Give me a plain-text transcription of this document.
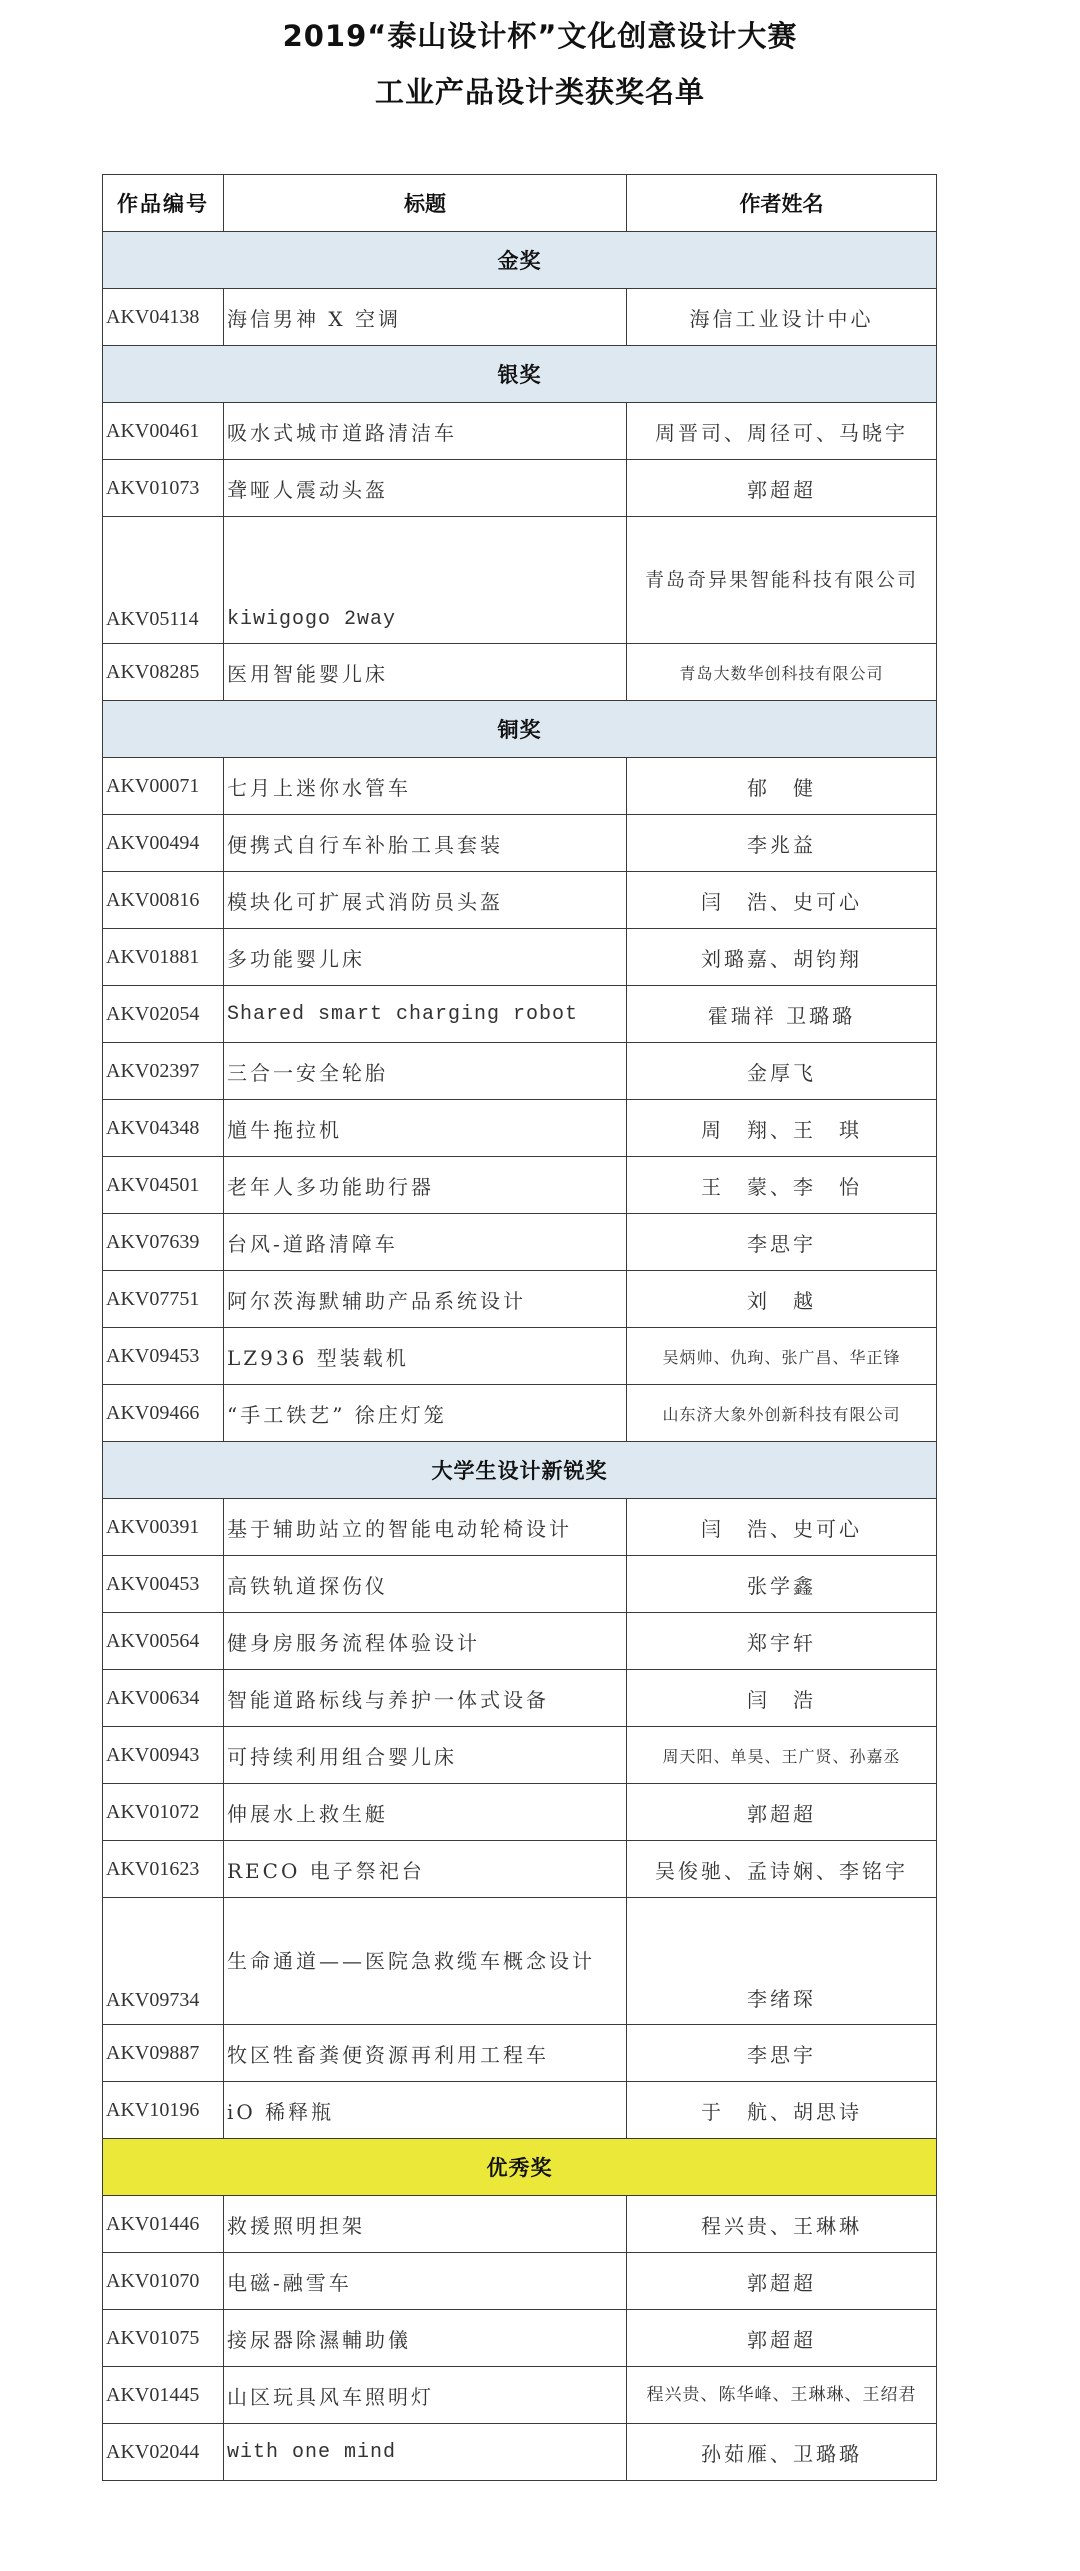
2019“泰山设计杯”文化创意设计大赛
工业产品设计类获奖名单
作品编号	标题	作者姓名
金奖		
AKV04138	海信男神 X 空调	海信工业设计中心
银奖		
AKV00461	吸水式城市道路清洁车	周晋司、周径可、马晓宇
AKV01073	聋哑人震动头盔	郭超超
AKV05114	kiwigogo 2way	青岛奇异果智能科技有限公司
AKV08285	医用智能婴儿床	青岛大数华创科技有限公司
铜奖		
AKV00071	七月上迷你水管车	郁　健
AKV00494	便携式自行车补胎工具套装	李兆益
AKV00816	模块化可扩展式消防员头盔	闫　浩、史可心
AKV01881	多功能婴儿床	刘璐嘉、胡钧翔
AKV02054	Shared smart charging robot	霍瑞祥 卫璐璐
AKV02397	三合一安全轮胎	金厚飞
AKV04348	馗牛拖拉机	周　翔、王　琪
AKV04501	老年人多功能助行器	王　蒙、李　怡
AKV07639	台风-道路清障车	李思宇
AKV07751	阿尔茨海默辅助产品系统设计	刘　越
AKV09453	LZ936 型装载机	吴炳帅、仇珣、张广昌、华正锋
AKV09466	“手工铁艺” 徐庄灯笼	山东济大象外创新科技有限公司
大学生设计新锐奖		
AKV00391	基于辅助站立的智能电动轮椅设计	闫　浩、史可心
AKV00453	高铁轨道探伤仪	张学鑫
AKV00564	健身房服务流程体验设计	郑宇轩
AKV00634	智能道路标线与养护一体式设备	闫　浩
AKV00943	可持续利用组合婴儿床	周天阳、单昊、王广贤、孙嘉丞
AKV01072	伸展水上救生艇	郭超超
AKV01623	RECO 电子祭祀台	吴俊驰、孟诗娴、李铭宇
AKV09734	生命通道——医院急救缆车概念设计	李绪琛
AKV09887	牧区牲畜粪便资源再利用工程车	李思宇
AKV10196	iO 稀释瓶	于　航、胡思诗
优秀奖		
AKV01446	救援照明担架	程兴贵、王琳琳
AKV01070	电磁-融雪车	郭超超
AKV01075	接尿器除濕輔助儀	郭超超
AKV01445	山区玩具风车照明灯	程兴贵、陈华峰、王琳琳、王绍君
AKV02044	with one mind	孙茹雁、卫璐璐
